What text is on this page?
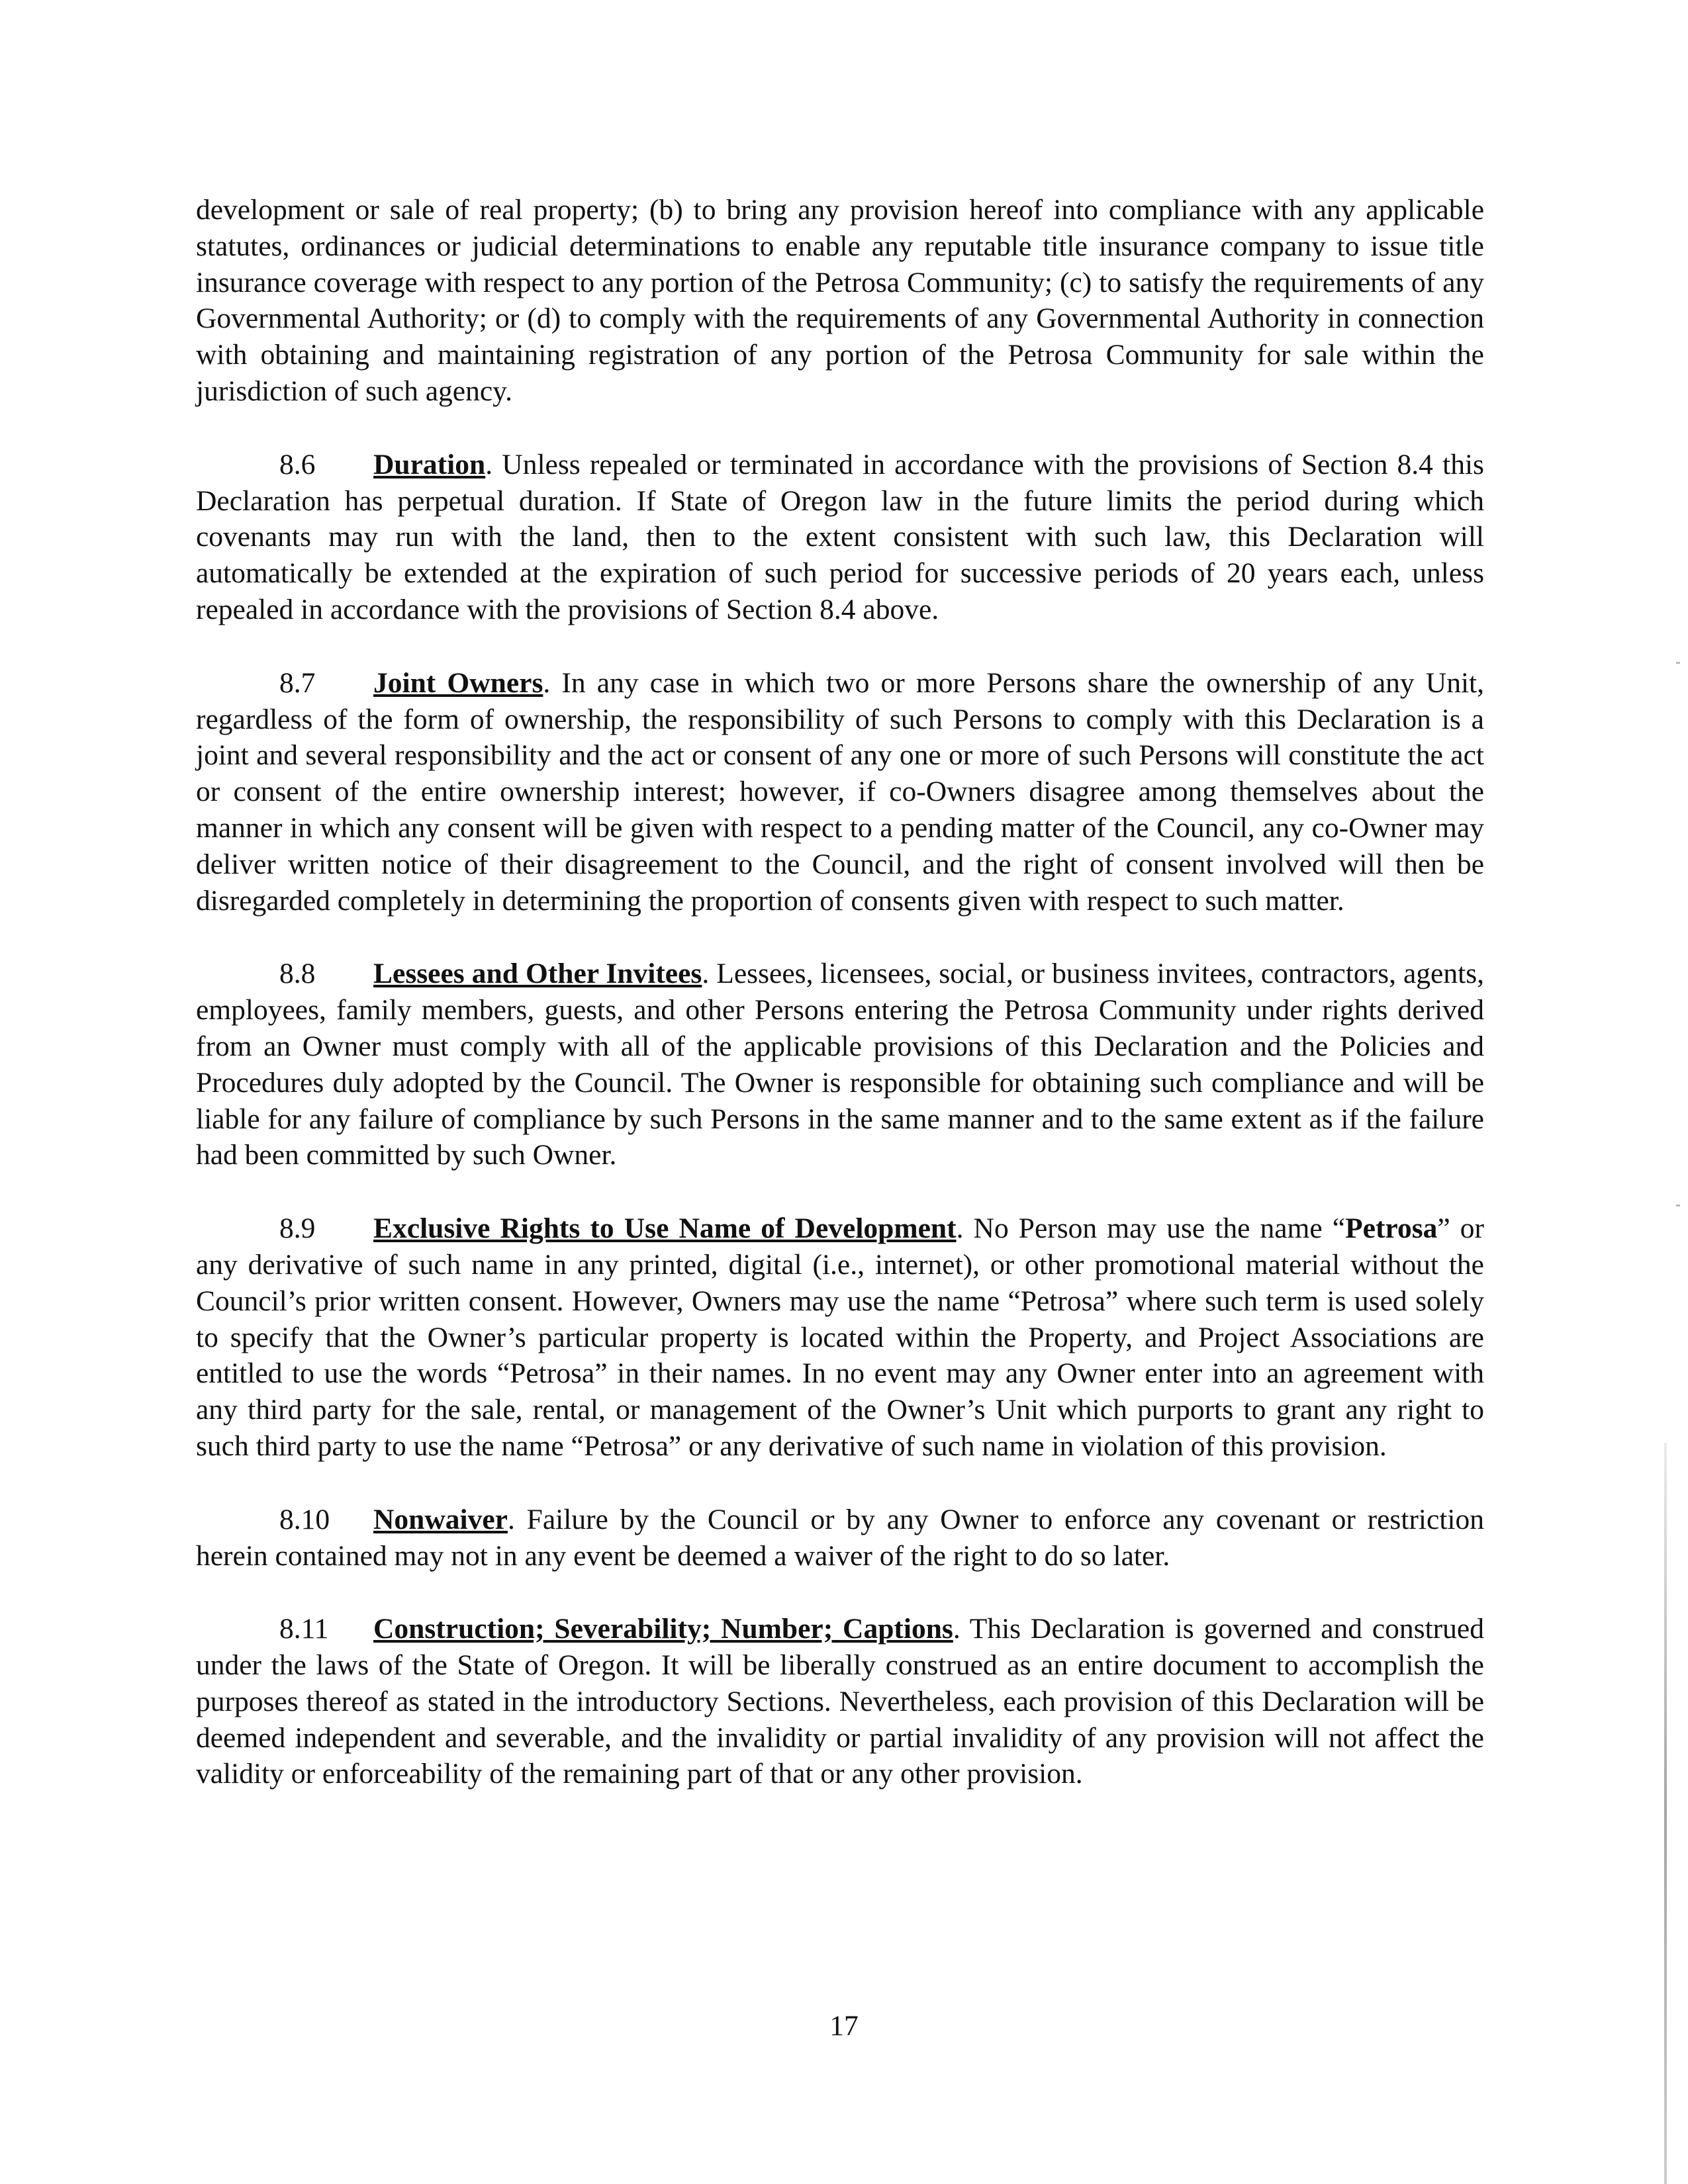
development or sale of real property; (b) to bring any provision hereof into compliance with any applicable statutes, ordinances or judicial determinations to enable any reputable title insurance company to issue title insurance coverage with respect to any portion of the Petrosa Community; (c) to satisfy the requirements of any Governmental Authority; or (d) to comply with the requirements of any Governmental Authority in connection with obtaining and maintaining registration of any portion of the Petrosa Community for sale within the jurisdiction of such agency.

8.6 Duration. Unless repealed or terminated in accordance with the provisions of Section 8.4 this Declaration has perpetual duration. If State of Oregon law in the future limits the period during which covenants may run with the land, then to the extent consistent with such law, this Declaration will automatically be extended at the expiration of such period for successive periods of 20 years each, unless repealed in accordance with the provisions of Section 8.4 above.

8.7 Joint Owners. In any case in which two or more Persons share the ownership of any Unit, regardless of the form of ownership, the responsibility of such Persons to comply with this Declaration is a joint and several responsibility and the act or consent of any one or more of such Persons will constitute the act or consent of the entire ownership interest; however, if co-Owners disagree among themselves about the manner in which any consent will be given with respect to a pending matter of the Council, any co-Owner may deliver written notice of their disagreement to the Council, and the right of consent involved will then be disregarded completely in determining the proportion of consents given with respect to such matter.

8.8 Lessees and Other Invitees. Lessees, licensees, social, or business invitees, contractors, agents, employees, family members, guests, and other Persons entering the Petrosa Community under rights derived from an Owner must comply with all of the applicable provisions of this Declaration and the Policies and Procedures duly adopted by the Council. The Owner is responsible for obtaining such compliance and will be liable for any failure of compliance by such Persons in the same manner and to the same extent as if the failure had been committed by such Owner.

8.9 Exclusive Rights to Use Name of Development. No Person may use the name “Petrosa” or any derivative of such name in any printed, digital (i.e., internet), or other promotional material without the Council’s prior written consent. However, Owners may use the name “Petrosa” where such term is used solely to specify that the Owner’s particular property is located within the Property, and Project Associations are entitled to use the words “Petrosa” in their names. In no event may any Owner enter into an agreement with any third party for the sale, rental, or management of the Owner’s Unit which purports to grant any right to such third party to use the name “Petrosa” or any derivative of such name in violation of this provision.

8.10 Nonwaiver. Failure by the Council or by any Owner to enforce any covenant or restriction herein contained may not in any event be deemed a waiver of the right to do so later.

8.11 Construction; Severability; Number; Captions. This Declaration is governed and construed under the laws of the State of Oregon. It will be liberally construed as an entire document to accomplish the purposes thereof as stated in the introductory Sections. Nevertheless, each provision of this Declaration will be deemed independent and severable, and the invalidity or partial invalidity of any provision will not affect the validity or enforceability of the remaining part of that or any other provision.

17
